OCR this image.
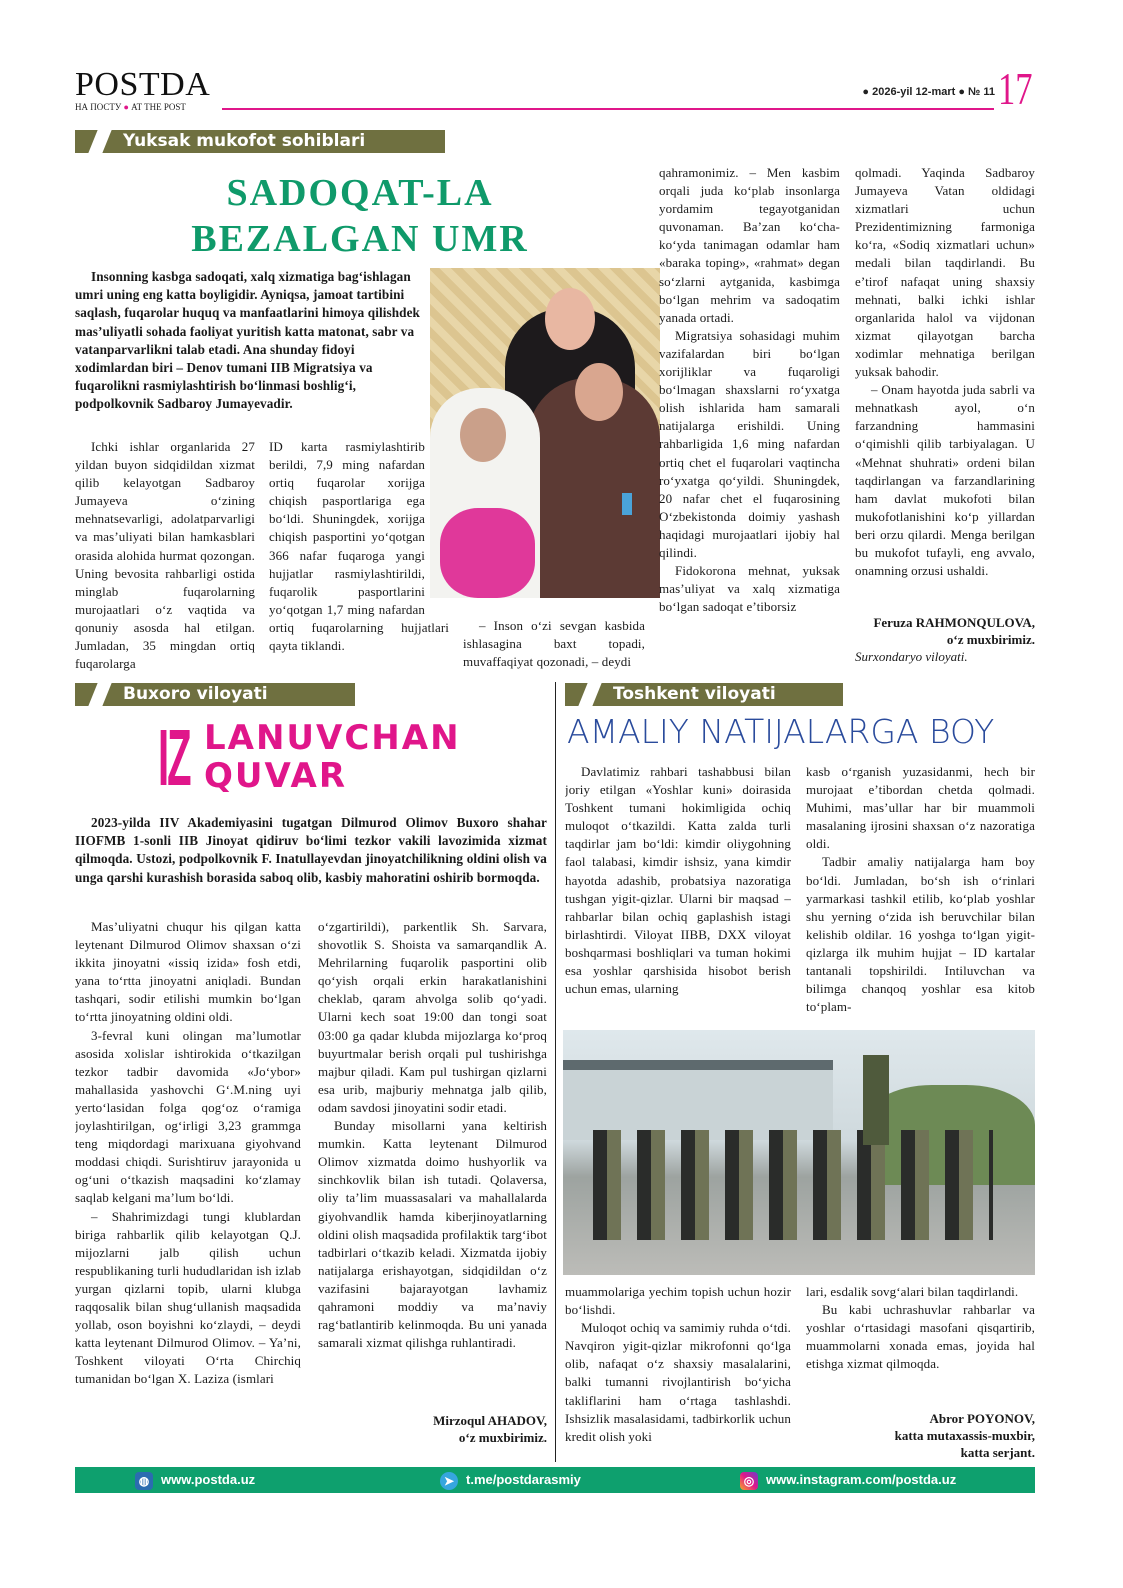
POSTDA
НА ПОСТУ ● AT THE POST
● 2026-yil 12-mart ● № 11 17
Yuksak mukofot sohiblari
SADOQAT-LA
BEZALGAN UMR

Insonning kasbga sadoqati, xalq xizmatiga bag‘ishlagan umri uning eng katta boyligidir. Ayniqsa, jamoat tartibini saqlash, fuqarolar huquq va manfaatlarini himoya qilishdek mas’uliyatli sohada faoliyat yuritish katta matonat, sabr va vatanparvarlikni talab etadi. Ana shunday fidoyi xodimlardan biri – Denov tumani IIB Migratsiya va fuqarolikni rasmiylashtirish bo‘linmasi boshlig‘i, podpolkovnik Sadbaroy Jumayevadir.

Ichki ishlar organlarida 27 yildan buyon sidqidildan xizmat qilib kelayotgan Sadbaroy Jumayeva o‘zining mehnatsevarligi, adolatparvarligi va mas’uliyati bilan hamkasblari orasida alohida hurmat qozongan. Uning bevosita rahbarligi ostida minglab fuqarolarning murojaatlari o‘z vaqtida va qonuniy asosda hal etilgan. Jumladan, 35 mingdan ortiq fuqarolarga

ID karta rasmiylashtirib berildi, 7,9 ming nafardan ortiq fuqarolar xorijga chiqish pasportlariga ega bo‘ldi. Shuningdek, xorijga chiqish pasportini yo‘qotgan 366 nafar fuqaroga yangi hujjatlar rasmiylashtirildi, fuqarolik pasportlarini yo‘qotgan 1,7 ming nafardan ortiq fuqarolarning hujjatlari qayta tiklandi.

– Inson o‘zi sevgan kasbida ishlasagina baxt topadi, muvaffaqiyat qozonadi, – deydi

qahramonimiz. – Men kasbim orqali juda ko‘plab insonlarga yordamim tegayotganidan quvonaman. Ba’zan ko‘cha-ko‘yda tanimagan odamlar ham «baraka toping», «rahmat» degan so‘zlarni aytganida, kasbimga bo‘lgan mehrim va sadoqatim yanada ortadi.

Migratsiya sohasidagi muhim vazifalardan biri bo‘lgan xorijliklar va fuqaroligi bo‘lmagan shaxslarni ro‘yxatga olish ishlarida ham samarali natijalarga erishildi. Uning rahbarligida 1,6 ming nafardan ortiq chet el fuqarolari vaqtincha ro‘yxatga qo‘yildi. Shuningdek, 20 nafar chet el fuqarosining O‘zbekistonda doimiy yashash haqidagi murojaatlari ijobiy hal qilindi.

Fidokorona mehnat, yuksak mas’uliyat va xalq xizmatiga bo‘lgan sadoqat e’tiborsiz

qolmadi. Yaqinda Sadbaroy Jumayeva Vatan oldidagi xizmatlari uchun Prezidentimizning farmoniga ko‘ra, «Sodiq xizmatlari uchun» medali bilan taqdirlandi. Bu e’tirof nafaqat uning shaxsiy mehnati, balki ichki ishlar organlarida halol va vijdonan xizmat qilayotgan barcha xodimlar mehnatiga berilgan yuksak bahodir.

– Onam hayotda juda sabrli va mehnatkash ayol, o‘n farzandning hammasini o‘qimishli qilib tarbiyalagan. U «Mehnat shuhrati» ordeni bilan taqdirlangan va farzandlarining ham davlat mukofoti bilan mukofotlanishini ko‘p yillardan beri orzu qilardi. Menga berilgan bu mukofot tufayli, eng avvalo, onamning orzusi ushaldi.

Feruza RAHMONQULOVA,
o‘z muxbirimiz.
Surxondaryo viloyati.
Buxoro viloyati
IZ LANUVCHAN
QUVAR

2023-yilda IIV Akademiyasini tugatgan Dilmurod Olimov Buxoro shahar IIOFMB 1-sonli IIB Jinoyat qidiruv bo‘limi tezkor vakili lavozimida xizmat qilmoqda. Ustozi, podpolkovnik F. Inatullayevdan jinoyatchilikning oldini olish va unga qarshi kurashish borasida saboq olib, kasbiy mahoratini oshirib bormoqda.

Mas’uliyatni chuqur his qilgan katta leytenant Dilmurod Olimov shaxsan o‘zi ikkita jinoyatni «issiq izida» fosh etdi, yana to‘rtta jinoyatni aniqladi. Bundan tashqari, sodir etilishi mumkin bo‘lgan to‘rtta jinoyatning oldini oldi.

3-fevral kuni olingan ma’lumotlar asosida xolislar ishtirokida o‘tkazilgan tezkor tadbir davomida «Jo‘ybor» mahallasida yashovchi G‘.M.ning uyi yerto‘lasidan folga qog‘oz o‘ramiga joylashtirilgan, og‘irligi 3,23 grammga teng miqdordagi marixuana giyohvand moddasi chiqdi. Surishtiruv jarayonida u og‘uni o‘tkazish maqsadini ko‘zlamay saqlab kelgani ma’lum bo‘ldi.

– Shahrimizdagi tungi klublardan biriga rahbarlik qilib kelayotgan Q.J. mijozlarni jalb qilish uchun respublikaning turli hududlaridan ish izlab yurgan qizlarni topib, ularni klubga raqqosalik bilan shug‘ullanish maqsadida yollab, oson boyishni ko‘zlaydi, – deydi katta leytenant Dilmurod Olimov. – Ya’ni, Toshkent viloyati O‘rta Chirchiq tumanidan bo‘lgan X. Laziza (ismlari

o‘zgartirildi), parkentlik Sh. Sarvara, shovotlik S. Shoista va samarqandlik A. Mehrilarning fuqarolik pasportini olib qo‘yish orqali erkin harakatlanishini cheklab, qaram ahvolga solib qo‘yadi. Ularni kech soat 19:00 dan tongi soat 03:00 ga qadar klubda mijozlarga ko‘proq buyurtmalar berish orqali pul tushirishga majbur qiladi. Kam pul tushirgan qizlarni esa urib, majburiy mehnatga jalb qilib, odam savdosi jinoyatini sodir etadi.

Bunday misollarni yana keltirish mumkin. Katta leytenant Dilmurod Olimov xizmatda doimo hushyorlik va sinchkovlik bilan ish tutadi. Qolaversa, oliy ta’lim muassasalari va mahallalarda giyohvandlik hamda kiberjinoyatlarning oldini olish maqsadida profilaktik targ‘ibot tadbirlari o‘tkazib keladi. Xizmatda ijobiy natijalarga erishayotgan, sidqidildan o‘z vazifasini bajarayotgan lavhamiz qahramoni moddiy va ma’naviy rag‘batlantirib kelinmoqda. Bu uni yanada samarali xizmat qilishga ruhlantiradi.

Mirzoqul AHADOV,
o‘z muxbirimiz.
Toshkent viloyati
AMALIY NATIJALARGA BOY

Davlatimiz rahbari tashabbusi bilan joriy etilgan «Yoshlar kuni» doirasida Toshkent tumani hokimligida ochiq muloqot o‘tkazildi. Katta zalda turli taqdirlar jam bo‘ldi: kimdir oliygohning faol talabasi, kimdir ishsiz, yana kimdir hayotda adashib, probatsiya nazoratiga tushgan yigit-qizlar. Ularni bir maqsad – rahbarlar bilan ochiq gaplashish istagi birlashtirdi. Viloyat IIBB, DXX viloyat boshqarmasi boshliqlari va tuman hokimi esa yoshlar qarshisida hisobot berish uchun emas, ularning

kasb o‘rganish yuzasidanmi, hech bir murojaat e’tibordan chetda qolmadi. Muhimi, mas’ullar har bir muammoli masalaning ijrosini shaxsan o‘z nazoratiga oldi.

Tadbir amaliy natijalarga ham boy bo‘ldi. Jumladan, bo‘sh ish o‘rinlari yarmarkasi tashkil etilib, ko‘plab yoshlar shu yerning o‘zida ish beruvchilar bilan kelishib oldilar. 16 yoshga to‘lgan yigit-qizlarga ilk muhim hujjat – ID kartalar tantanali topshirildi. Intiluvchan va bilimga chanqoq yoshlar esa kitob to‘plam-

muammolariga yechim topish uchun hozir bo‘lishdi.

Muloqot ochiq va samimiy ruhda o‘tdi. Navqiron yigit-qizlar mikrofonni qo‘lga olib, nafaqat o‘z shaxsiy masalalarini, balki tumanni rivojlantirish bo‘yicha takliflarini ham o‘rtaga tashlashdi. Ishsizlik masalasidami, tadbirkorlik uchun kredit olish yoki

lari, esdalik sovg‘alari bilan taqdirlandi.

Bu kabi uchrashuvlar rahbarlar va yoshlar o‘rtasidagi masofani qisqartirib, muammolarni xonada emas, joyida hal etishga xizmat qilmoqda.

Abror POYONOV,
katta mutaxassis-muxbir,
katta serjant.
◍ www.postda.uz	➤ t.me/postdarasmiy	◎ www.instagram.com/postda.uz
